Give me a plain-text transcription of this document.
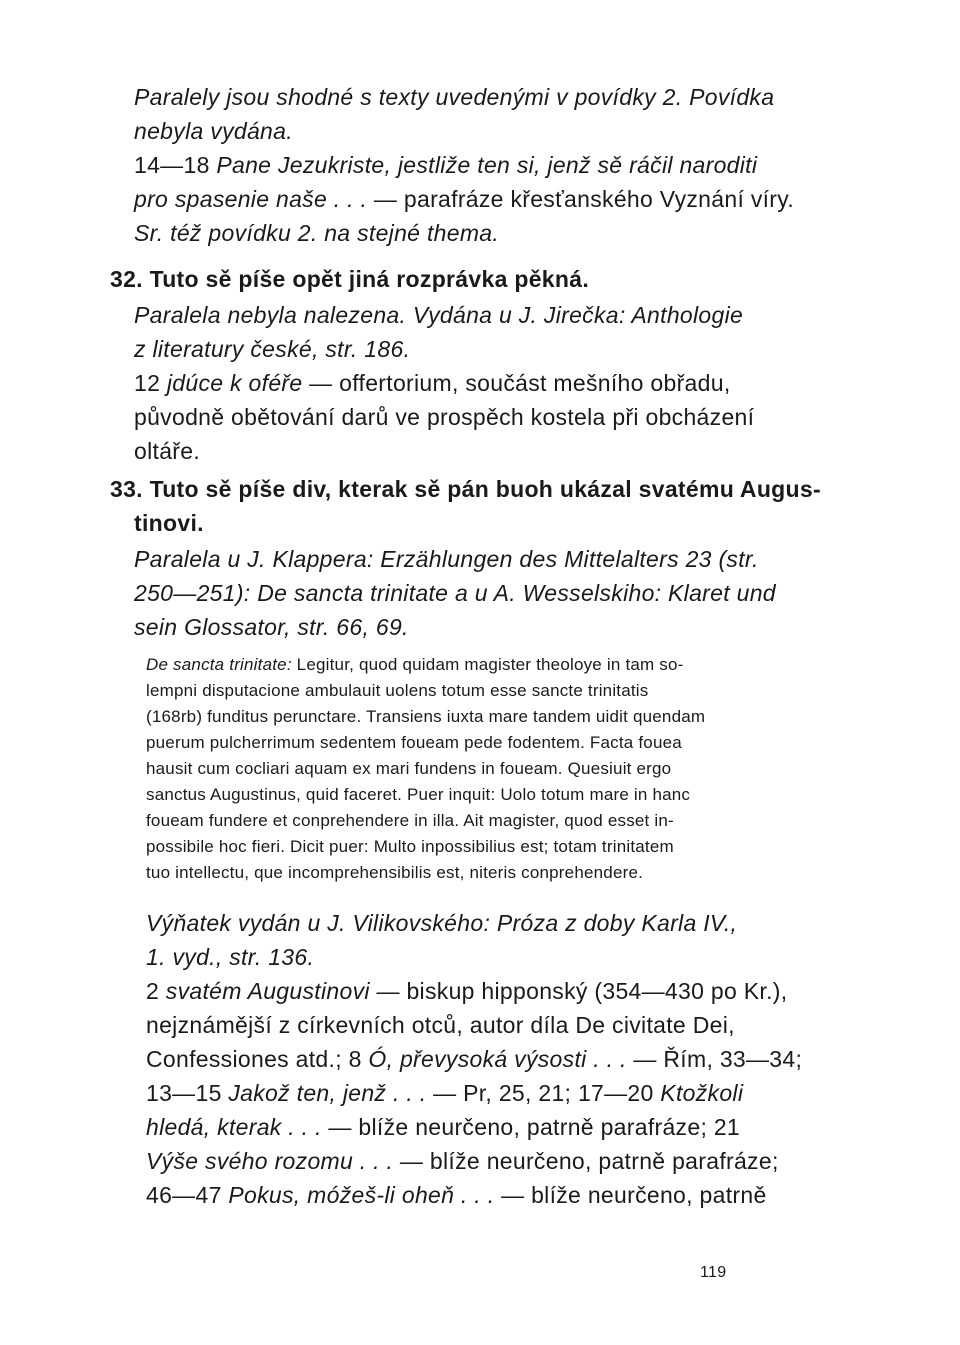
Paralely jsou shodné s texty uvedenými v povídky 2. Povídka

nebyla vydána.

14—18 Pane Jezukriste, jestliže ten si, jenž sě ráčil naroditi

pro spasenie naše . . . — parafráze křesťanského Vyznání víry.

Sr. též povídku 2. na stejné thema.

32. Tuto sě píše opět jiná rozprávka pěkná.

Paralela nebyla nalezena. Vydána u J. Jirečka: Anthologie

z literatury české, str. 186.

12 jdúce k oféře — offertorium, součást mešního obřadu,

původně obětování darů ve prospěch kostela při obcházení

oltáře.

33. Tuto sě píše div, kterak sě pán buoh ukázal svatému Augus-

tinovi.

Paralela u J. Klappera: Erzählungen des Mittelalters 23 (str.

250—251): De sancta trinitate a u A. Wesselskiho: Klaret und

sein Glossator, str. 66, 69.

De sancta trinitate: Legitur, quod quidam magister theoloye in tam so-

lempni disputacione ambulauit uolens totum esse sancte trinitatis

(168rb) funditus perunctare. Transiens iuxta mare tandem uidit quendam

puerum pulcherrimum sedentem foueam pede fodentem. Facta fouea

hausit cum cocliari aquam ex mari fundens in foueam. Quesiuit ergo

sanctus Augustinus, quid faceret. Puer inquit: Uolo totum mare in hanc

foueam fundere et conprehendere in illa. Ait magister, quod esset in-

possibile hoc fieri. Dicit puer: Multo inpossibilius est; totam trinitatem

tuo intellectu, que incomprehensibilis est, niteris conprehendere.

Výňatek vydán u J. Vilikovského: Próza z doby Karla IV.,

1. vyd., str. 136.

2 svatém Augustinovi — biskup hipponský (354—430 po Kr.),

nejznámější z církevních otců, autor díla De civitate Dei,

Confessiones atd.; 8 Ó, převysoká výsosti . . . — Řím, 33—34;

13—15 Jakož ten, jenž . . . — Pr, 25, 21; 17—20 Ktožkoli

hledá, kterak . . . — blíže neurčeno, patrně parafráze; 21

Výše svého rozomu . . . — blíže neurčeno, patrně parafráze;

46—47 Pokus, móžeš-li oheň . . . — blíže neurčeno, patrně

119
